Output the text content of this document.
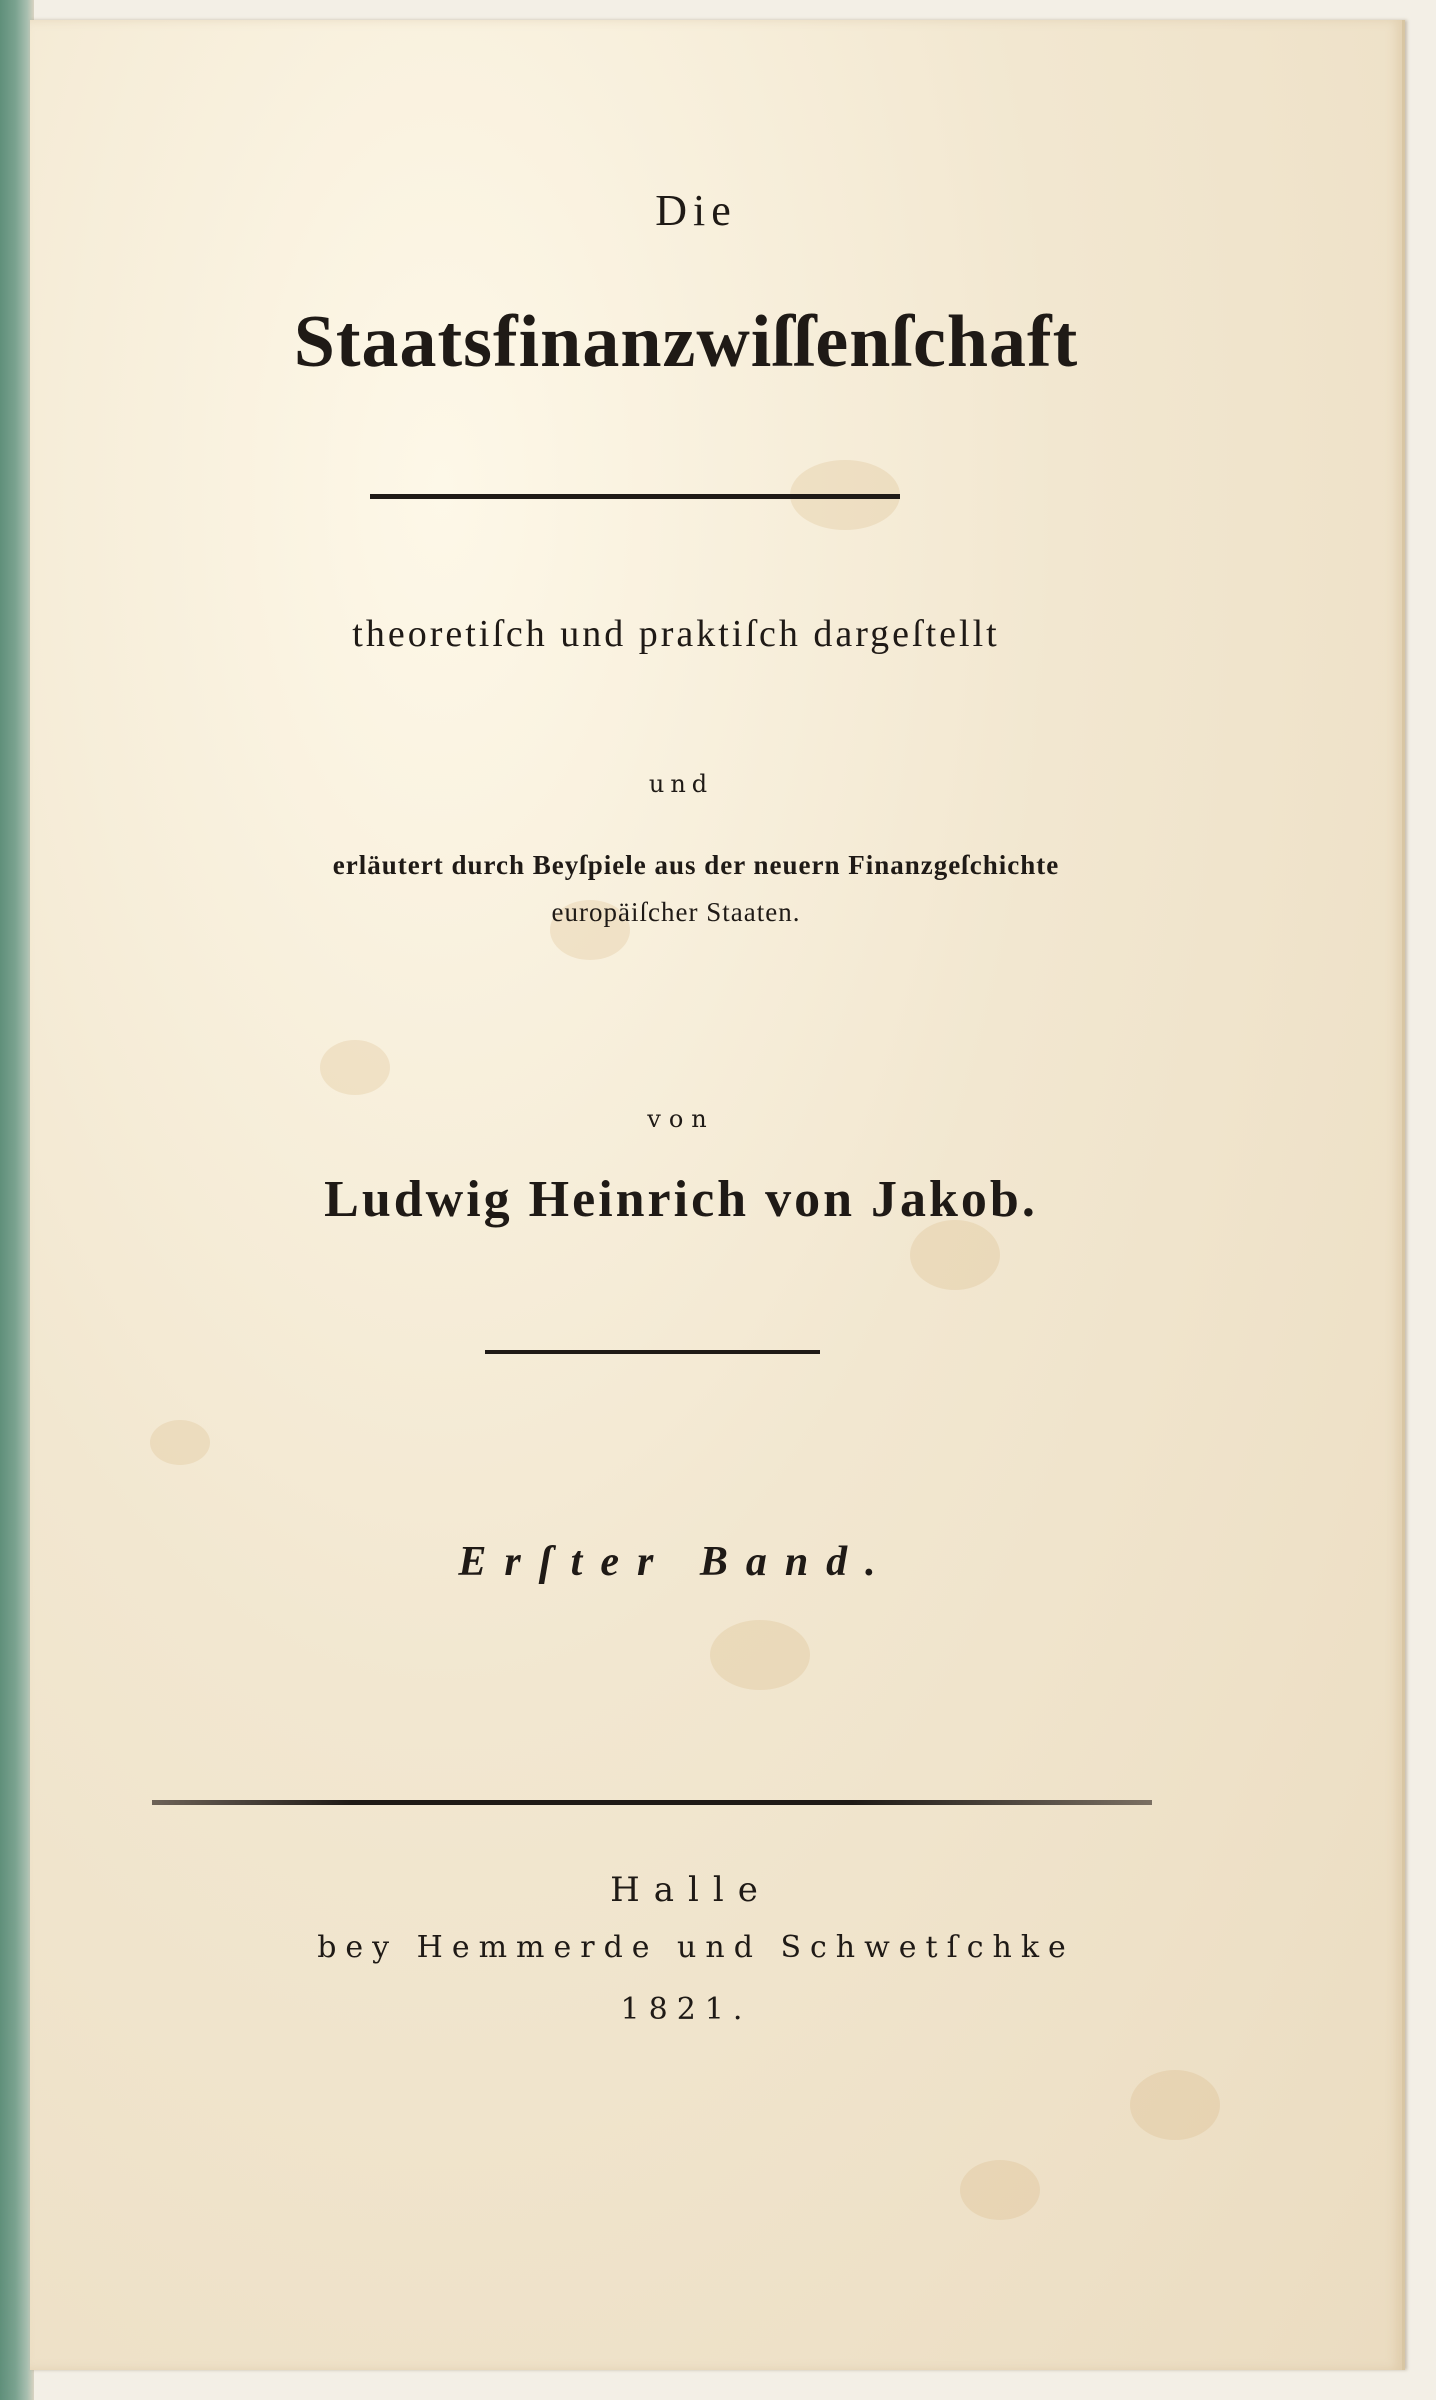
Die
Staatsfinanzwiſſenſchaft
theoretiſch und praktiſch dargeſtellt
und
erläutert durch Beyſpiele aus der neuern Finanzgeſchichte
europäiſcher Staaten.
von
Ludwig Heinrich von Jakob.
Erſter Band.
Halle
bey Hemmerde und Schwetſchke
1821.
